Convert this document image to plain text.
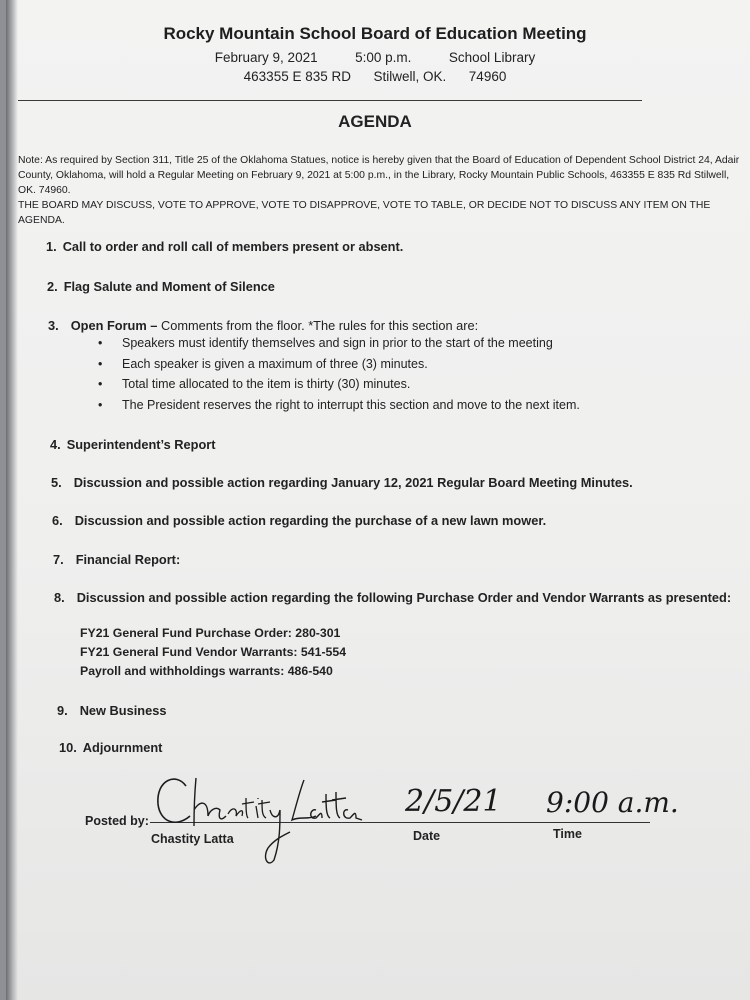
Rocky Mountain School Board of Education Meeting
February 9, 2021	5:00 p.m.	School Library
463355 E 835 RD Stilwell, OK. 74960
AGENDA
Note: As required by Section 311, Title 25 of the Oklahoma Statues, notice is hereby given that the Board of Education of Dependent School District 24, Adair County, Oklahoma, will hold a Regular Meeting on February 9, 2021 at 5:00 p.m., in the Library, Rocky Mountain Public Schools, 463355 E 835 Rd Stilwell, OK. 74960.
THE BOARD MAY DISCUSS, VOTE TO APPROVE, VOTE TO DISAPPROVE, VOTE TO TABLE, OR DECIDE NOT TO DISCUSS ANY ITEM ON THE AGENDA.
1. Call to order and roll call of members present or absent.
2. Flag Salute and Moment of Silence
3. Open Forum – Comments from the floor. *The rules for this section are:
• Speakers must identify themselves and sign in prior to the start of the meeting
• Each speaker is given a maximum of three (3) minutes.
• Total time allocated to the item is thirty (30) minutes.
• The President reserves the right to interrupt this section and move to the next item.
4. Superintendent’s Report
5. Discussion and possible action regarding January 12, 2021 Regular Board Meeting Minutes.
6. Discussion and possible action regarding the purchase of a new lawn mower.
7. Financial Report:
8. Discussion and possible action regarding the following Purchase Order and Vendor Warrants as presented:
FY21 General Fund Purchase Order: 280-301
FY21 General Fund Vendor Warrants: 541-554
Payroll and withholdings warrants: 486-540
9. New Business
10. Adjournment
Posted by:
2/5/21 9:00 a.m.
Chastity Latta	Date	Time
